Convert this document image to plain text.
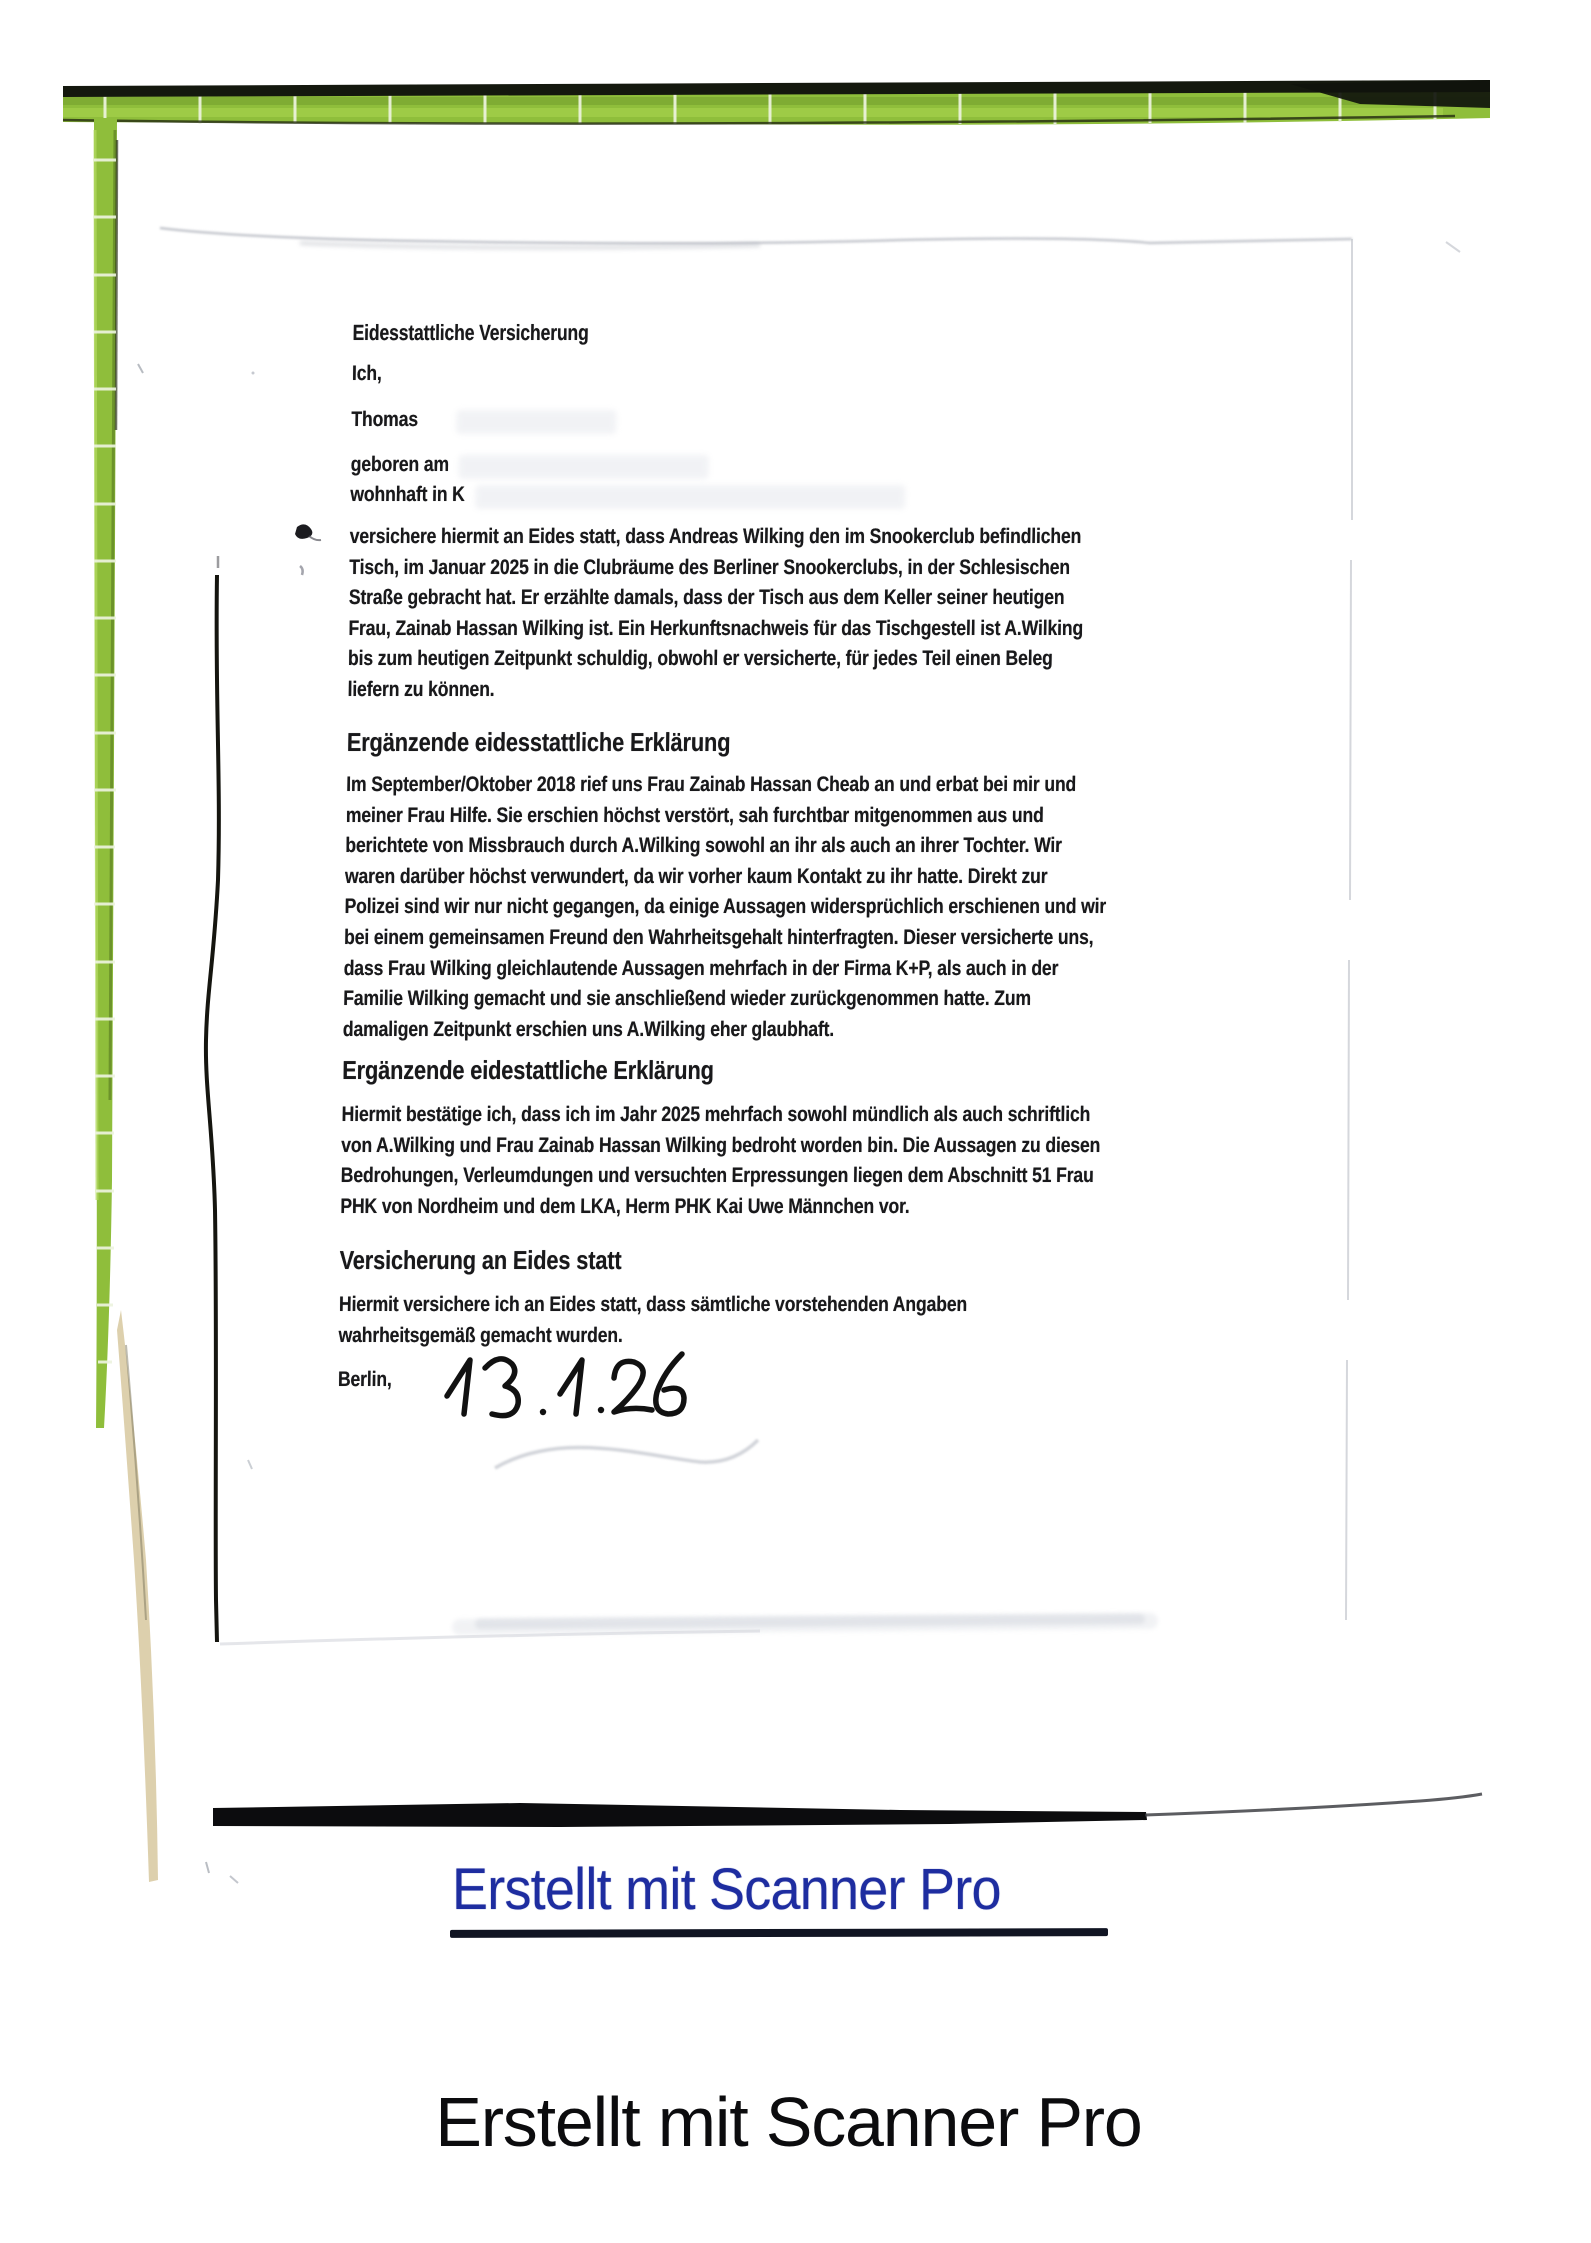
Eidesstattliche Versicherung
Ich,
Thomas
geboren am
wohnhaft in K
versichere hiermit an Eides statt, dass Andreas Wilking den im Snookerclub befindlichen
Tisch, im Januar 2025 in die Clubräume des Berliner Snookerclubs, in der Schlesischen
Straße gebracht hat. Er erzählte damals, dass der Tisch aus dem Keller seiner heutigen
Frau, Zainab Hassan Wilking ist. Ein Herkunftsnachweis für das Tischgestell ist A.Wilking
bis zum heutigen Zeitpunkt schuldig, obwohl er versicherte, für jedes Teil einen Beleg
liefern zu können.
Ergänzende eidesstattliche Erklärung
Im September/Oktober 2018 rief uns Frau Zainab Hassan Cheab an und erbat bei mir und
meiner Frau Hilfe. Sie erschien höchst verstört, sah furchtbar mitgenommen aus und
berichtete von Missbrauch durch A.Wilking sowohl an ihr als auch an ihrer Tochter. Wir
waren darüber höchst verwundert, da wir vorher kaum Kontakt zu ihr hatte. Direkt zur
Polizei sind wir nur nicht gegangen, da einige Aussagen widersprüchlich erschienen und wir
bei einem gemeinsamen Freund den Wahrheitsgehalt hinterfragten. Dieser versicherte uns,
dass Frau Wilking gleichlautende Aussagen mehrfach in der Firma K+P, als auch in der
Familie Wilking gemacht und sie anschließend wieder zurückgenommen hatte. Zum
damaligen Zeitpunkt erschien uns A.Wilking eher glaubhaft.
Ergänzende eidestattliche Erklärung
Hiermit bestätige ich, dass ich im Jahr 2025 mehrfach sowohl mündlich als auch schriftlich
von A.Wilking und Frau Zainab Hassan Wilking bedroht worden bin. Die Aussagen zu diesen
Bedrohungen, Verleumdungen und versuchten Erpressungen liegen dem Abschnitt 51 Frau
PHK von Nordheim und dem LKA, Herm PHK Kai Uwe Männchen vor.
Versicherung an Eides statt
Hiermit versichere ich an Eides statt, dass sämtliche vorstehenden Angaben
wahrheitsgemäß gemacht wurden.
Berlin,
Erstellt mit Scanner Pro
Erstellt mit Scanner Pro
